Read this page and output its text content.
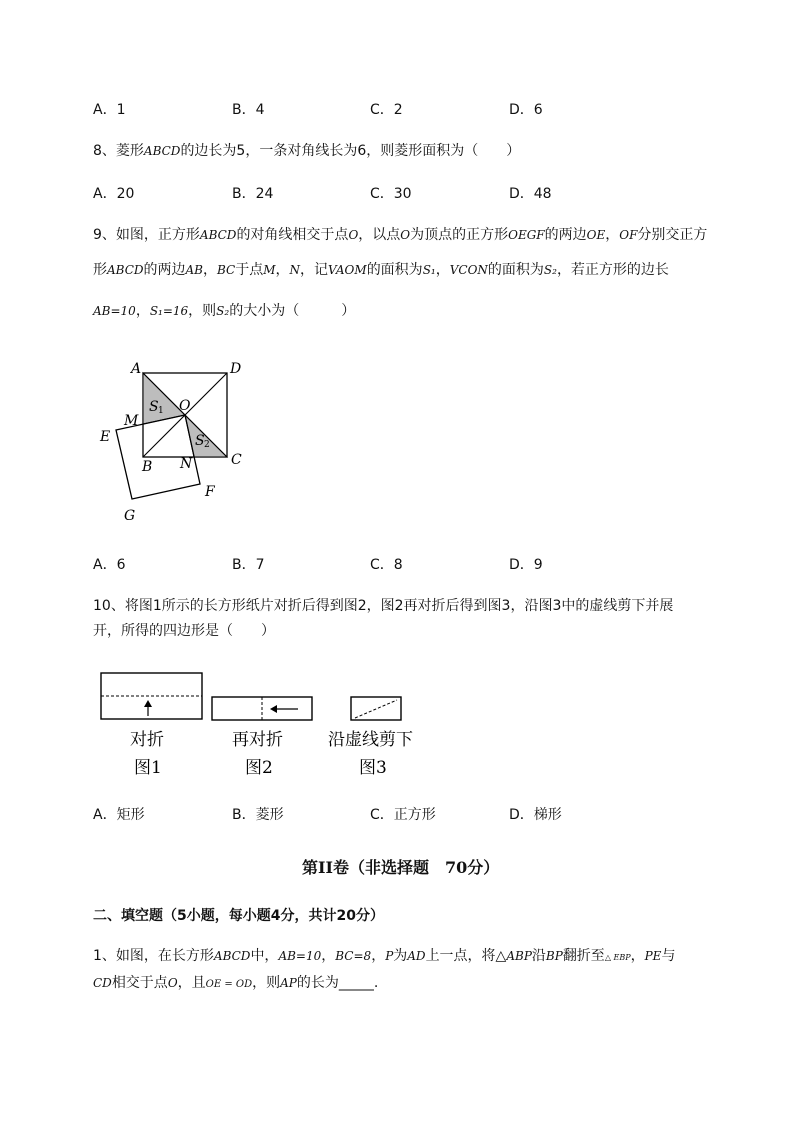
A．1	B．4	C．2	D．6
8、菱形ABCD的边长为5，一条对角线长为6，则菱形面积为（　　）
A．20	B．24	C．30	D．48
9、如图，正方形ABCD的对角线相交于点O，以点O为顶点的正方形OEGF的两边OE，OF分别交正方
形ABCD的两边AB，BC于点M，N，记VAOM的面积为S₁，VCON的面积为S₂，若正方形的边长
AB=10，S₁=16，则S₂的大小为（　　　）
A	D
O
S 1
S 2
M
E
B N	C
F
G
A．6	B．7	C．8	D．9
10、将图1所示的长方形纸片对折后得到图2，图2再对折后得到图3，沿图3中的虚线剪下并展
开，所得的四边形是（　　）
对折	再对折	沿虚线剪下
图1	图2	图3
A．矩形	B．菱形	C．正方形	D．梯形
第II卷（非选择题　70分）
二、填空题（5小题，每小题4分，共计20分）
1、如图，在长方形ABCD中，AB=10，BC=8，P为AD上一点，将△ABP沿BP翻折至△ EBP，PE与
CD相交于点O，且OE = OD，则AP的长为_____.
